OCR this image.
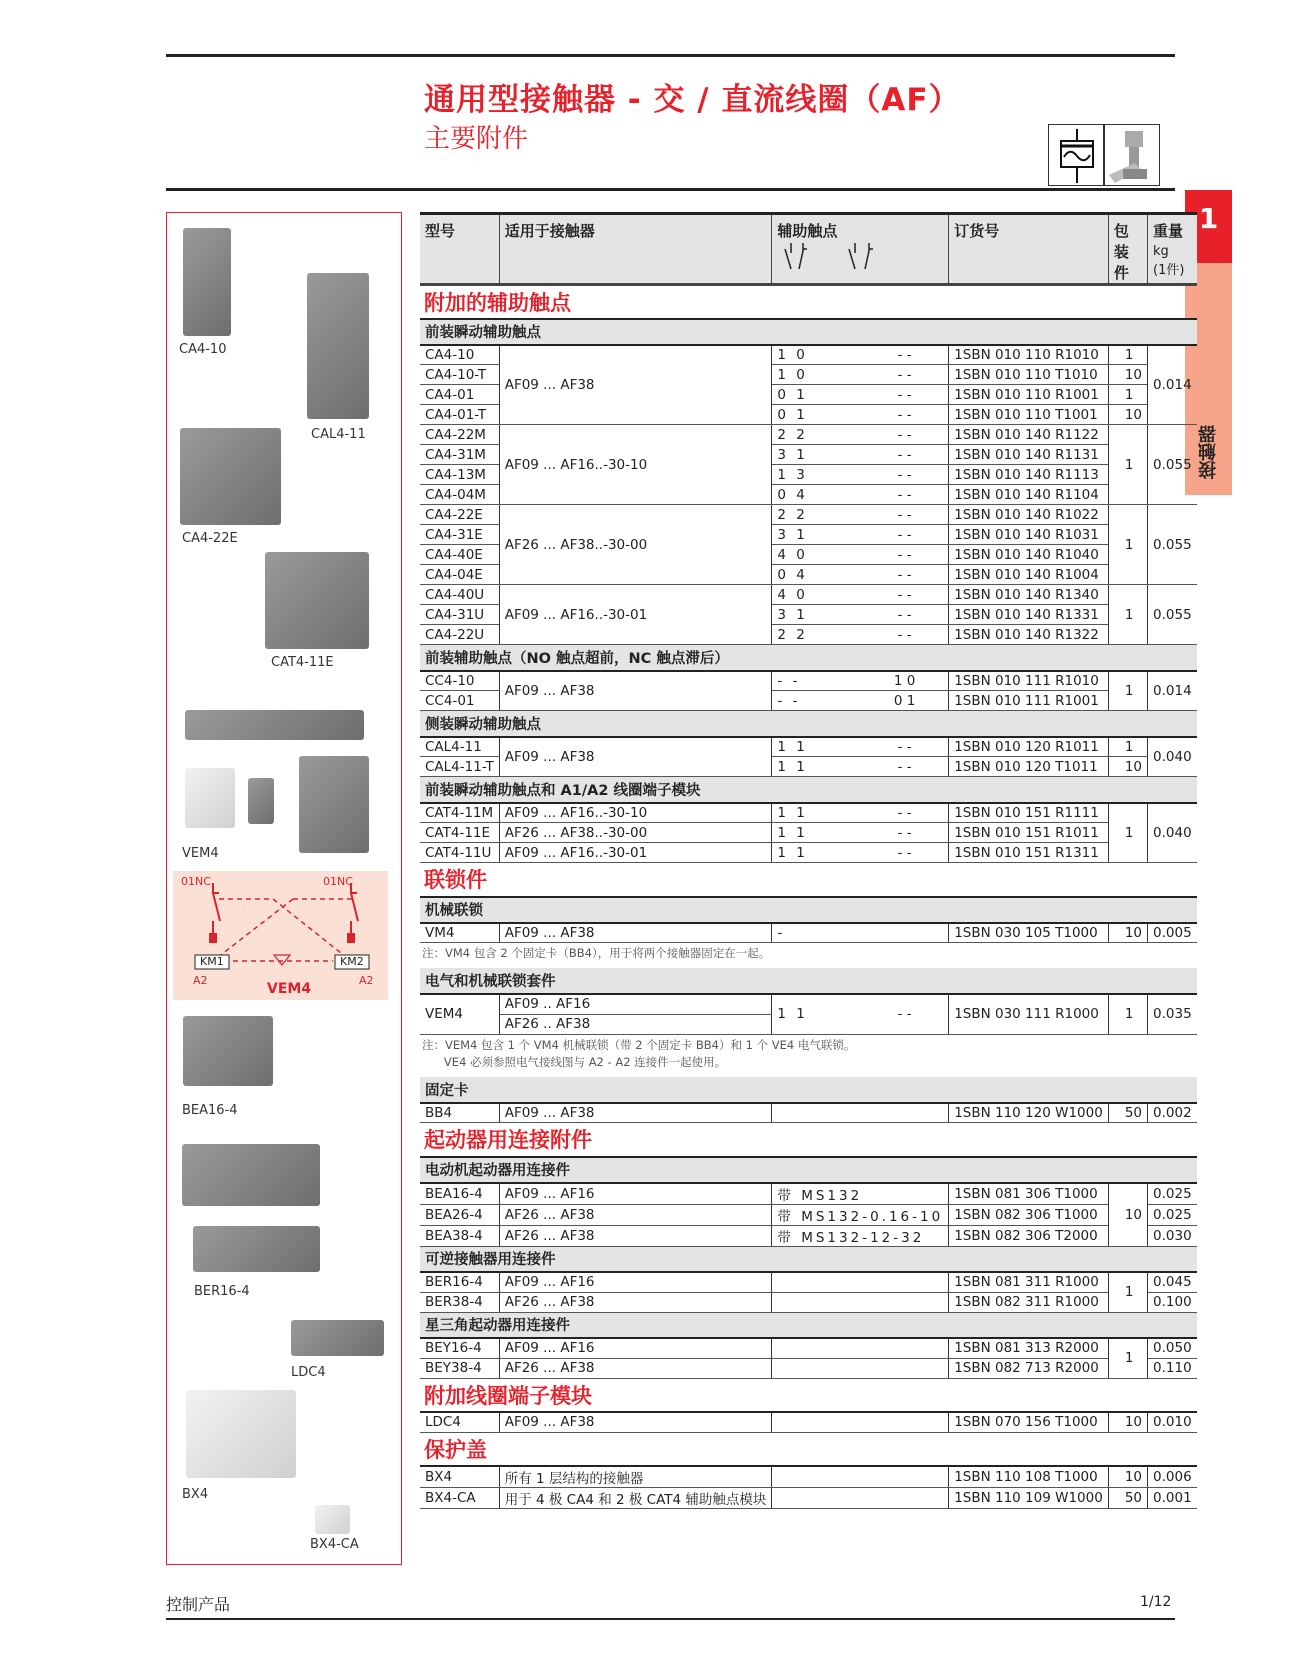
通用型接触器 - 交 / 直流线圈（AF）
主要附件
1
接触器
CA4-10
CAL4-11
CA4-22E
CAT4-11E
VEM4
01NC	01NC
KM1	KM2
A2	A2
VEM4
BEA16-4
BER16-4
LDC4
BX4
BX4-CA
型号	适用于接触器	辅助触点		订货号	包装件	重量
kg
(1件)
附加的辅助触点						
前装瞬动辅助触点						
CA4-10	AF09 ... AF38	1 0	- -	1SBN 010 110 R1010	1	0.014
CA4-10-T		1 0	- -	1SBN 010 110 T1010	10	
CA4-01		0 1	- -	1SBN 010 110 R1001	1	
CA4-01-T		0 1	- -	1SBN 010 110 T1001	10	
CA4-22M	AF09 ... AF16..-30-10	2 2	- -	1SBN 010 140 R1122	1	0.055
CA4-31M		3 1	- -	1SBN 010 140 R1131		
CA4-13M		1 3	- -	1SBN 010 140 R1113		
CA4-04M		0 4	- -	1SBN 010 140 R1104		
CA4-22E	AF26 ... AF38..-30-00	2 2	- -	1SBN 010 140 R1022	1	0.055
CA4-31E		3 1	- -	1SBN 010 140 R1031		
CA4-40E		4 0	- -	1SBN 010 140 R1040		
CA4-04E		0 4	- -	1SBN 010 140 R1004		
CA4-40U	AF09 ... AF16..-30-01	4 0	- -	1SBN 010 140 R1340	1	0.055
CA4-31U		3 1	- -	1SBN 010 140 R1331		
CA4-22U		2 2	- -	1SBN 010 140 R1322		
前装辅助触点（NO 触点超前，NC 触点滞后）						
CC4-10	AF09 ... AF38	- -	1 0	1SBN 010 111 R1010	1	0.014
CC4-01		- -	0 1	1SBN 010 111 R1001		
侧装瞬动辅助触点						
CAL4-11	AF09 ... AF38	1 1	- -	1SBN 010 120 R1011	1	0.040
CAL4-11-T		1 1	- -	1SBN 010 120 T1011	10	
前装瞬动辅助触点和 A1/A2 线圈端子模块						
CAT4-11M	AF09 ... AF16..-30-10	1 1	- -	1SBN 010 151 R1111	1	0.040
CAT4-11E	AF26 ... AF38..-30-00	1 1	- -	1SBN 010 151 R1011		
CAT4-11U	AF09 ... AF16..-30-01	1 1	- -	1SBN 010 151 R1311		
联锁件						
机械联锁						
VM4	AF09 ... AF38	-		1SBN 030 105 T1000	10	0.005
注：VM4 包含 2 个固定卡（BB4），用于将两个接触器固定在一起。						
电气和机械联锁套件						
VEM4	AF09 .. AF16	1 1	- -	1SBN 030 111 R1000	1	0.035
	AF26 .. AF38					
注：VEM4 包含 1 个 VM4 机械联锁（带 2 个固定卡 BB4）和 1 个 VE4 电气联锁。
VE4 必须参照电气接线图与 A2 - A2 连接件一起使用。						
固定卡						
BB4	AF09 ... AF38			1SBN 110 120 W1000	50	0.002
起动器用连接附件						
电动机起动器用连接件						
BEA16-4	AF09 ... AF16	带 MS132		1SBN 081 306 T1000	10	0.025
BEA26-4	AF26 ... AF38	带 MS132-0.16-10		1SBN 082 306 T1000		0.025
BEA38-4	AF26 ... AF38	带 MS132-12-32		1SBN 082 306 T2000		0.030
可逆接触器用连接件						
BER16-4	AF09 ... AF16			1SBN 081 311 R1000	1	0.045
BER38-4	AF26 ... AF38			1SBN 082 311 R1000		0.100
星三角起动器用连接件						
BEY16-4	AF09 ... AF16			1SBN 081 313 R2000	1	0.050
BEY38-4	AF26 ... AF38			1SBN 082 713 R2000		0.110
附加线圈端子模块						
LDC4	AF09 ... AF38			1SBN 070 156 T1000	10	0.010
保护盖						
BX4	所有 1 层结构的接触器			1SBN 110 108 T1000	10	0.006
BX4-CA	用于 4 极 CA4 和 2 极 CAT4 辅助触点模块			1SBN 110 109 W1000	50	0.001
控制产品	1/12
